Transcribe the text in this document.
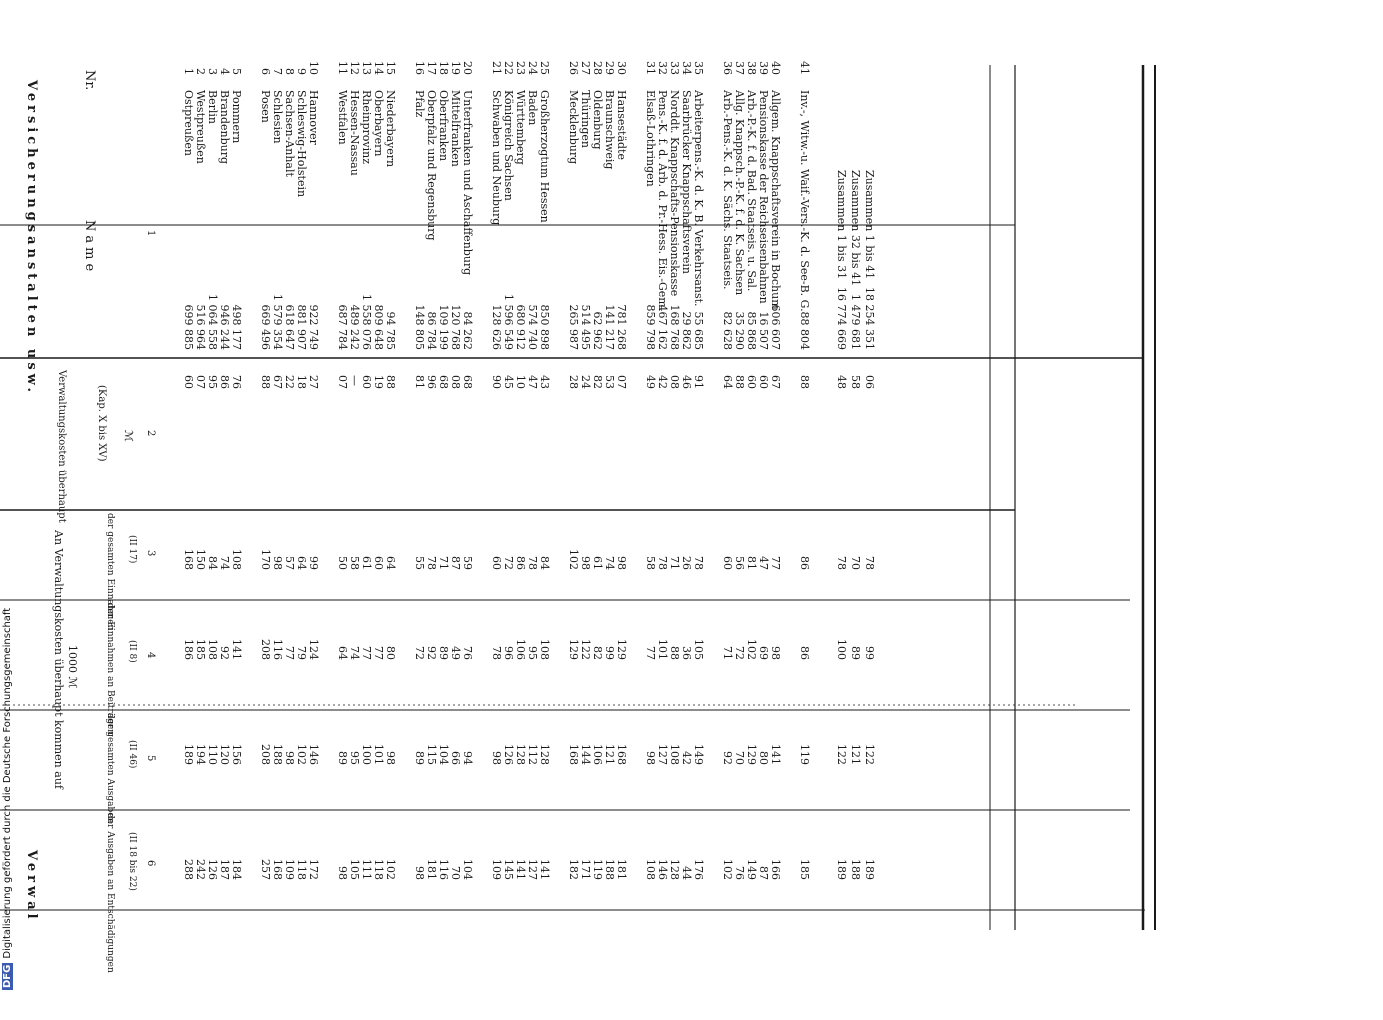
1
Ostpreußen
699 885
60
168
186
189
288
2
Westpreußen
516 964
07
150
185
194
242
3
Berlin
1 064 558
95
84
108
110
126
4
Brandenburg
946 244
86
74
92
120
187
5
Pommern
498 177
76
108
141
156
184
6
Posen
669 496
88
170
208
208
257
7
Schlesien
1 579 354
67
98
116
188
168
8
Sachsen-Anhalt
618 647
22
57
77
98
109
9
Schleswig-Holstein
881 907
18
64
79
102
118
10
Hannover
922 749
27
99
124
146
172
11
Westfalen
687 784
07
50
64
89
98
12
Hessen-Nassau
489 242
—
58
74
95
105
13
Rheinprovinz
1 558 076
60
61
77
100
111
14
Oberbayern
809 648
19
60
77
101
118
15
Niederbayern
94 785
88
64
80
98
102
16
Pfalz
148 805
81
55
72
89
98
17
Oberpfalz und Regensburg
86 784
96
78
92
115
181
18
Oberfranken
109 199
68
71
89
104
116
19
Mittelfranken
120 768
08
87
49
66
70
20
Unterfranken und Aschaffenburg
84 262
68
59
76
94
104
21
Schwaben und Neuburg
128 626
90
60
78
98
109
22
Königreich Sachsen
1 596 549
45
72
96
126
145
23
Württemberg
680 912
10
86
106
128
141
24
Baden
574 740
47
78
95
112
127
25
Großherzogtum Hessen
850 898
43
84
108
128
141
26
Mecklenburg
265 987
28
102
129
168
182
27
Thüringen
514 495
24
98
122
144
171
28
Oldenburg
62 962
82
61
82
106
119
29
Braunschweig
141 217
53
74
99
121
188
30
Hansestädte
781 268
07
98
129
168
181
31
Elsaß-Lothringen
859 798
49
58
77
98
108
32
Pens.-K. f. d. Arb. d. Pr.-Hess. Eis.-Gem.
467 162
42
78
101
127
146
33
Norddt. Knappschafts-Pensionskasse
168 768
08
71
88
108
128
34
Saarbrücker Knappschaftsverein
29 862
46
26
36
42
44
35
Arbeiterpens.-K. d. K. B. Verkehrsanst.
55 685
91
78
105
149
176
36
Arb.-Pens.-K. d. K. Sächs. Staatseis.
82 628
64
60
71
92
102
37
Allg. Knappsch.-P.-K. f. d. K. Sachsen
35 290
88
56
72
70
76
38
Arb.-P.-K. f. d. Bad. Staatseis. u. Sal.
85 868
60
81
102
129
149
39
Pensionskasse der Reichseisenbahnen
16 507
60
47
69
80
87
40
Allgem. Knappschaftsverein in Bochum
606 607
67
77
98
141
166
41
Inv.-, Witw.-u. Waif.-Vers.-K. d. See-B. G.
88 804
88
86
86
119
185
Zusammen 1 bis 31
16 774 669
48
78
100
122
189
Zusammen 32 bis 41
1 479 681
58
70
89
121
188
Zusammen 1 bis 41
18 254 351
06
78
99
122
189
Versicherungsanstalten usw.
Verwal
Nr.
Name
Verwaltungskosten überhaupt	(Kap. X bis XV) ℳ
An Verwaltungskosten überhaupt kommen auf 1000 ℳ
der gesamten Einnahmen (II 17)
der Einnahmen an Beiträgen (II 8)
der gesamten Ausgaben (II 46)
der Ausgaben an Entschädigungen (II 18 bis 22)
1
2
3
4
5
6
DFGDigitalisierung gefördert durch die Deutsche Forschungsgemeinschaft
